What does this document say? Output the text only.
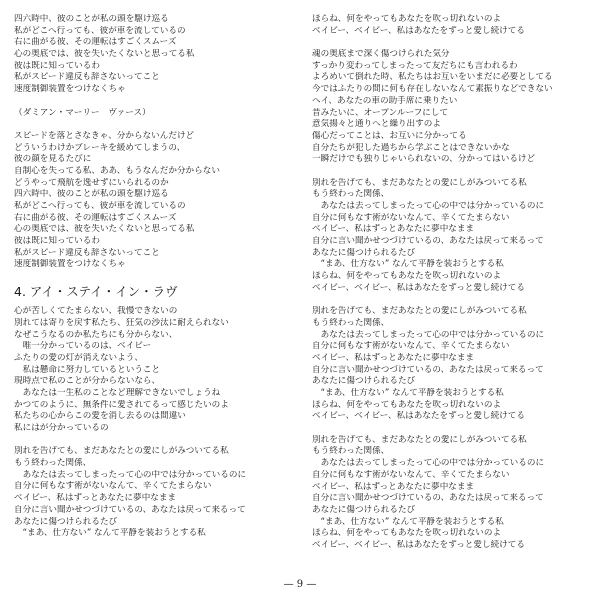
四六時中、彼のことが私の頭を駆け巡る
私がどこへ行っても、彼が車を流しているの
右に曲がる彼、その運転はすごくスムーズ
心の奥底では、彼を失いたくないと思ってる私
彼は既に知っているわ
私がスピード違反も辞さないってこと
速度制御装置をつけなくちゃ
（ダミアン・マーリー　ヴァース）
スピードを落とさなきゃ、分からないんだけど
どういうわけかブレーキを緩めてしまうの、
彼の顔を見るたびに
自制心を失ってる私、ああ、もうなんだか分からない
どうやって飛航を逸せずにいられるのか
四六時中、彼のことが私の頭を駆け巡る
私がどこへ行っても、彼が車を流しているの
右に曲がる彼、その運転はすごくスムーズ
心の奥底では、彼を失いたくないと思ってる私
彼は既に知っているわ
私がスピード違反も辞さないってこと
速度制御装置をつけなくちゃ
4. アイ・ステイ・イン・ラヴ
心が苦しくてたまらない、我慢できないの
別れては寄りを戻す私たち、狂気の沙汰に耐えられない
なぜこうなるのか私たちにも分からない、
　唯一分かっているのは、ベイビー
ふたりの愛の灯が消えないよう、
　私は懸命に努力しているということ
現時点で私のことが分からないなら、
　あなたは一生私のことなど理解できないでしょうね
かつてのように、無条件に愛されてるって感じたいのよ
私たちの心からこの愛を消し去るのは間違い
私にはが分かっているの
別れを告げても、まだあなたとの愛にしがみついてる私
もう終わった関係、
　あなたは去ってしまったって心の中では分かっているのに
自分に何もなす術がないなんて、辛くてたまらない
ベイビー、私はずっとあなたに夢中なまま
自分に言い聞かせつづけているの、あなたは戻って来るって
あなたに傷つけられるたび
　“まあ、仕方ない” なんて平静を装おうとする私
ほらね、何をやってもあなたを吹っ切れないのよ
ベイビー、ベイビー、私はあなたをずっと愛し続けてる
魂の奥底まで深く傷つけられた気分
すっかり変わってしまったって友だちにも言われるわ
よろめいて倒れた時、私たちはお互いをいまだに必要としてる
今ではふたりの間に何も存在しないなんて素振りなどできない
ヘイ、あなたの車の助手席に乗りたい
昔みたいに、オープンルーフにして
意気揚々と通りへと繰り出すのよ
傷心だってことは、お互いに分かってる
自分たちが犯した過ちから学ぶことはできないかな
一瞬だけでも独りじゃいられないの、分かってはいるけど
別れを告げても、まだあなたとの愛にしがみついてる私
もう終わった関係、
　あなたは去ってしまったって心の中では分かっているのに
自分に何もなす術がないなんて、辛くてたまらない
ベイビー、私はずっとあなたに夢中なまま
自分に言い聞かせつづけているの、あなたは戻って来るって
あなたに傷つけられるたび
　“まあ、仕方ない” なんて平静を装おうとする私
ほらね、何をやってもあなたを吹っ切れないのよ
ベイビー、ベイビー、私はあなたをずっと愛し続けてる
別れを告げても、まだあなたとの愛にしがみついてる私
もう終わった関係、
　あなたは去ってしまったって心の中では分かっているのに
自分に何もなす術がないなんて、辛くてたまらない
ベイビー、私はずっとあなたに夢中なまま
自分に言い聞かせつづけているの、あなたは戻って来るって
あなたに傷つけられるたび
　“まあ、仕方ない” なんて平静を装おうとする私
ほらね、何をやってもあなたを吹っ切れないのよ
ベイビー、ベイビー、私はあなたをずっと愛し続けてる
別れを告げても、まだあなたとの愛にしがみついてる私
もう終わった関係、
　あなたは去ってしまったって心の中では分かっているのに
自分に何もなす術がないなんて、辛くてたまらない
ベイビー、私はずっとあなたに夢中なまま
自分に言い聞かせつづけているの、あなたは戻って来るって
あなたに傷つけられるたび
　“まあ、仕方ない” なんて平静を装おうとする私
ほらね、何をやってもあなたを吹っ切れないのよ
ベイビー、ベイビー、私はあなたをずっと愛し続けてる
— 9 —
